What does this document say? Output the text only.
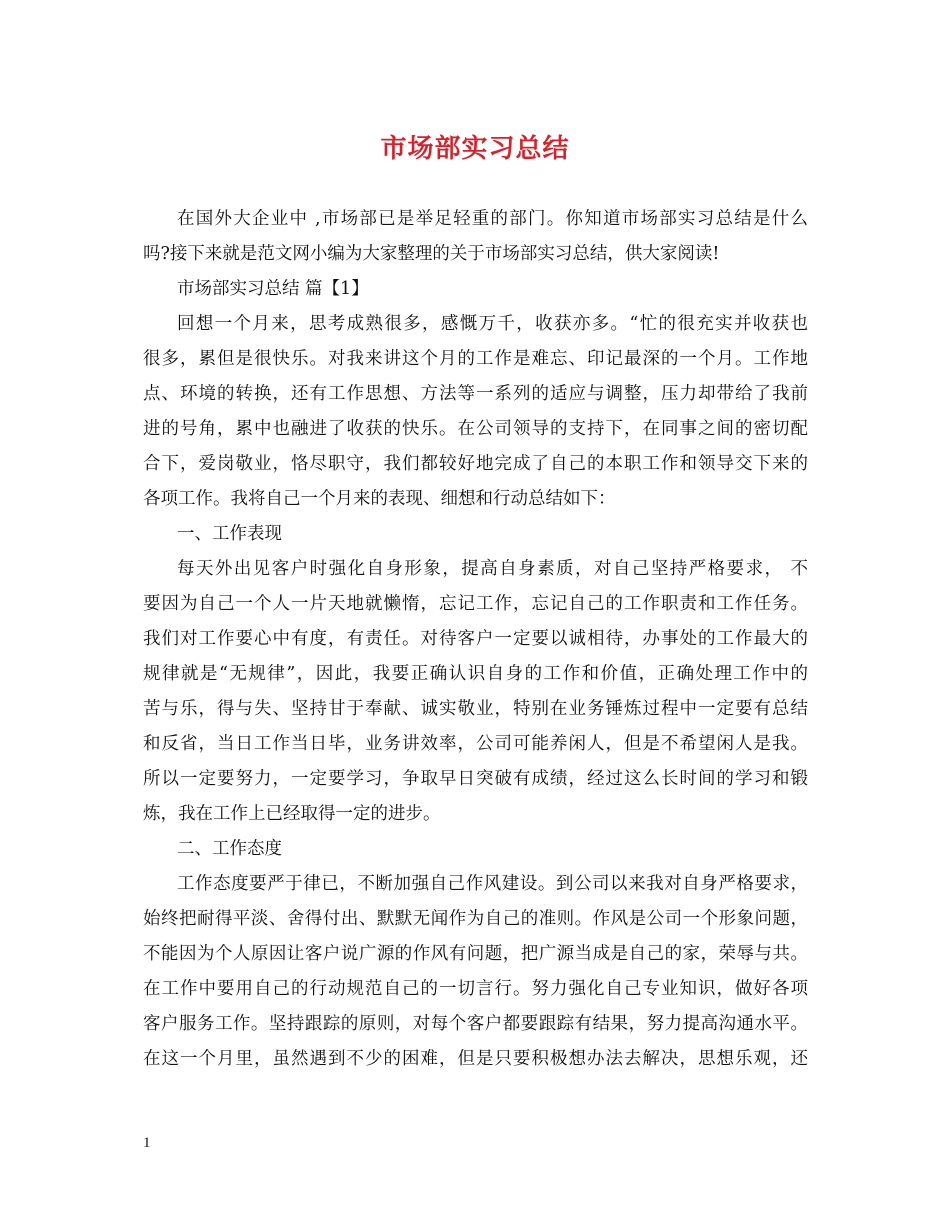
市场部实习总结
在国外大企业中 ,市场部已是举足轻重的部门。你知道市场部实习总结是什么
吗?接下来就是范文网小编为大家整理的关于市场部实习总结，供大家阅读!
市场部实习总结 篇【1】
回想一个月来，思考成熟很多，感慨万千，收获亦多。“忙的很充实并收获也
很多，累但是很快乐。对我来讲这个月的工作是难忘、印记最深的一个月。工作地
点、环境的转换，还有工作思想、方法等一系列的适应与调整，压力却带给了我前
进的号角，累中也融进了收获的快乐。在公司领导的支持下，在同事之间的密切配
合下，爱岗敬业，恪尽职守，我们都较好地完成了自己的本职工作和领导交下来的
各项工作。我将自己一个月来的表现、细想和行动总结如下：
一、工作表现
每天外出见客户时强化自身形象，提高自身素质，对自己坚持严格要求， 不
要因为自己一个人一片天地就懒惰，忘记工作，忘记自己的工作职责和工作任务。
我们对工作要心中有度，有责任。对待客户一定要以诚相待，办事处的工作最大的
规律就是“无规律”，因此，我要正确认识自身的工作和价值，正确处理工作中的
苦与乐，得与失、坚持甘于奉献、诚实敬业，特别在业务锤炼过程中一定要有总结
和反省，当日工作当日毕，业务讲效率，公司可能养闲人，但是不希望闲人是我。
所以一定要努力，一定要学习，争取早日突破有成绩，经过这么长时间的学习和锻
炼，我在工作上已经取得一定的进步。
二、工作态度
工作态度要严于律已，不断加强自己作风建设。到公司以来我对自身严格要求，
始终把耐得平淡、舍得付出、默默无闻作为自己的准则。作风是公司一个形象问题，
不能因为个人原因让客户说广源的作风有问题，把广源当成是自己的家，荣辱与共。
在工作中要用自己的行动规范自己的一切言行。努力强化自己专业知识，做好各项
客户服务工作。坚持跟踪的原则，对每个客户都要跟踪有结果，努力提高沟通水平。
在这一个月里，虽然遇到不少的困难，但是只要积极想办法去解决，思想乐观，还
1
